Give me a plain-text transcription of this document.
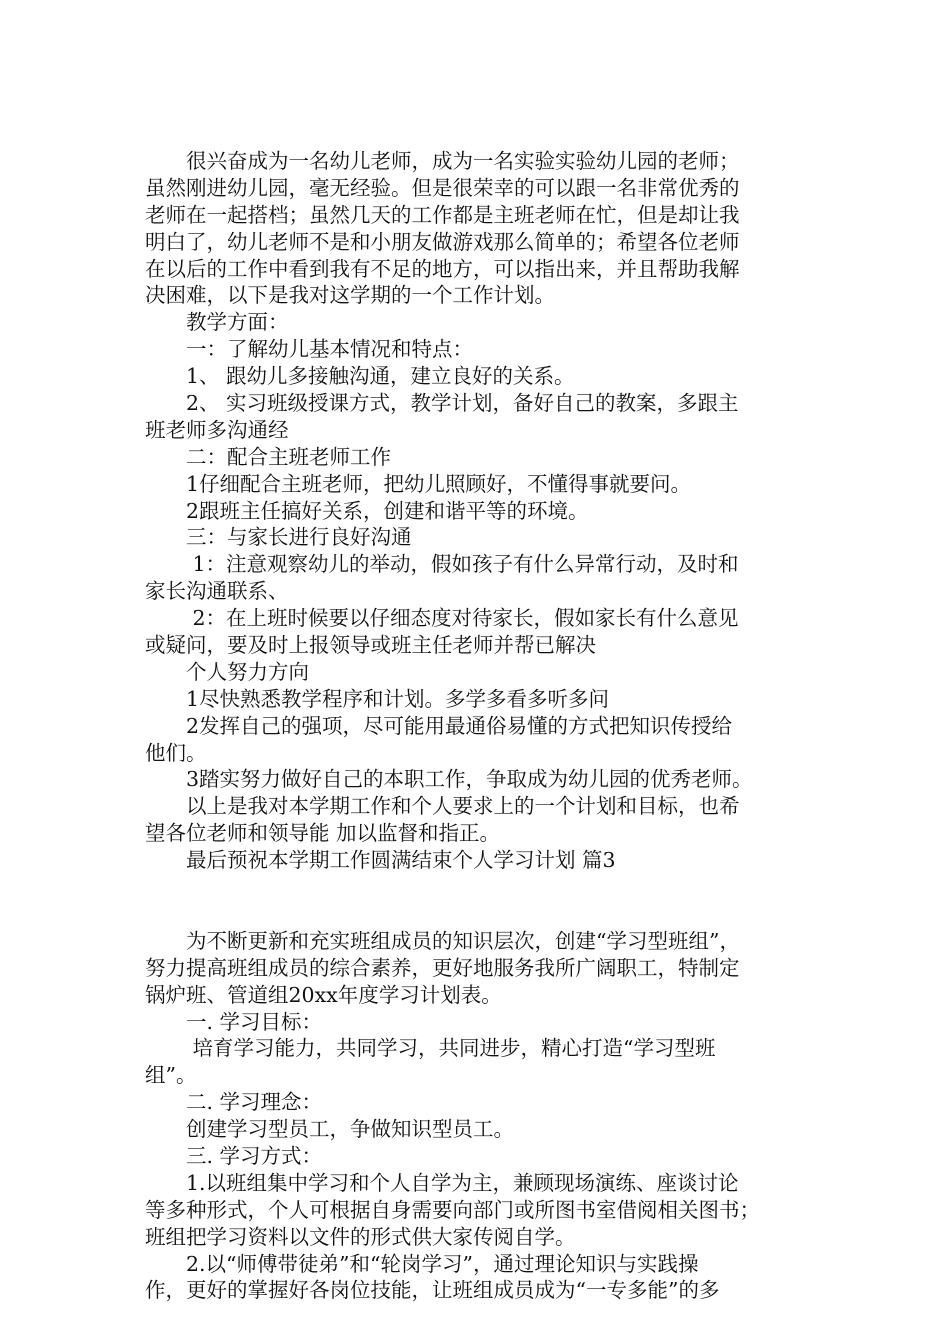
　　很兴奋成为一名幼儿老师，成为一名实验实验幼儿园的老师；
虽然刚进幼儿园，毫无经验。但是很荣幸的可以跟一名非常优秀的
老师在一起搭档；虽然几天的工作都是主班老师在忙，但是却让我
明白了，幼儿老师不是和小朋友做游戏那么简单的；希望各位老师
在以后的工作中看到我有不足的地方，可以指出来，并且帮助我解
决困难，以下是我对这学期的一个工作计划。
　　教学方面：
　　一：了解幼儿基本情况和特点：
　　1、 跟幼儿多接触沟通，建立良好的关系。
　　2、 实习班级授课方式，教学计划，备好自己的教案，多跟主
班老师多沟通经
　　二：配合主班老师工作
　　1仔细配合主班老师，把幼儿照顾好，不懂得事就要问。
　　2跟班主任搞好关系，创建和谐平等的环境。
　　三：与家长进行良好沟通
　　 1：注意观察幼儿的举动，假如孩子有什么异常行动，及时和
家长沟通联系、
　　 2：在上班时候要以仔细态度对待家长，假如家长有什么意见
或疑问，要及时上报领导或班主任老师并帮已解决
　　个人努力方向
　　1尽快熟悉教学程序和计划。多学多看多听多问
　　2发挥自己的强项，尽可能用最通俗易懂的方式把知识传授给
他们。
　　3踏实努力做好自己的本职工作，争取成为幼儿园的优秀老师。
　　以上是我对本学期工作和个人要求上的一个计划和目标，也希
望各位老师和领导能 加以监督和指正。
　　最后预祝本学期工作圆满结束个人学习计划 篇3
　　为不断更新和充实班组成员的知识层次，创建“学习型班组”，
努力提高班组成员的综合素养，更好地服务我所广阔职工，特制定
锅炉班、管道组20xx年度学习计划表。
　　一. 学习目标：
　　 培育学习能力，共同学习，共同进步，精心打造“学习型班
组”。
　　二. 学习理念：
　　创建学习型员工，争做知识型员工。
　　三. 学习方式：
　　1.以班组集中学习和个人自学为主，兼顾现场演练、座谈讨论
等多种形式，个人可根据自身需要向部门或所图书室借阅相关图书；
班组把学习资料以文件的形式供大家传阅自学。
　　2.以“师傅带徒弟”和“轮岗学习”，通过理论知识与实践操
作，更好的掌握好各岗位技能，让班组成员成为“一专多能”的多
